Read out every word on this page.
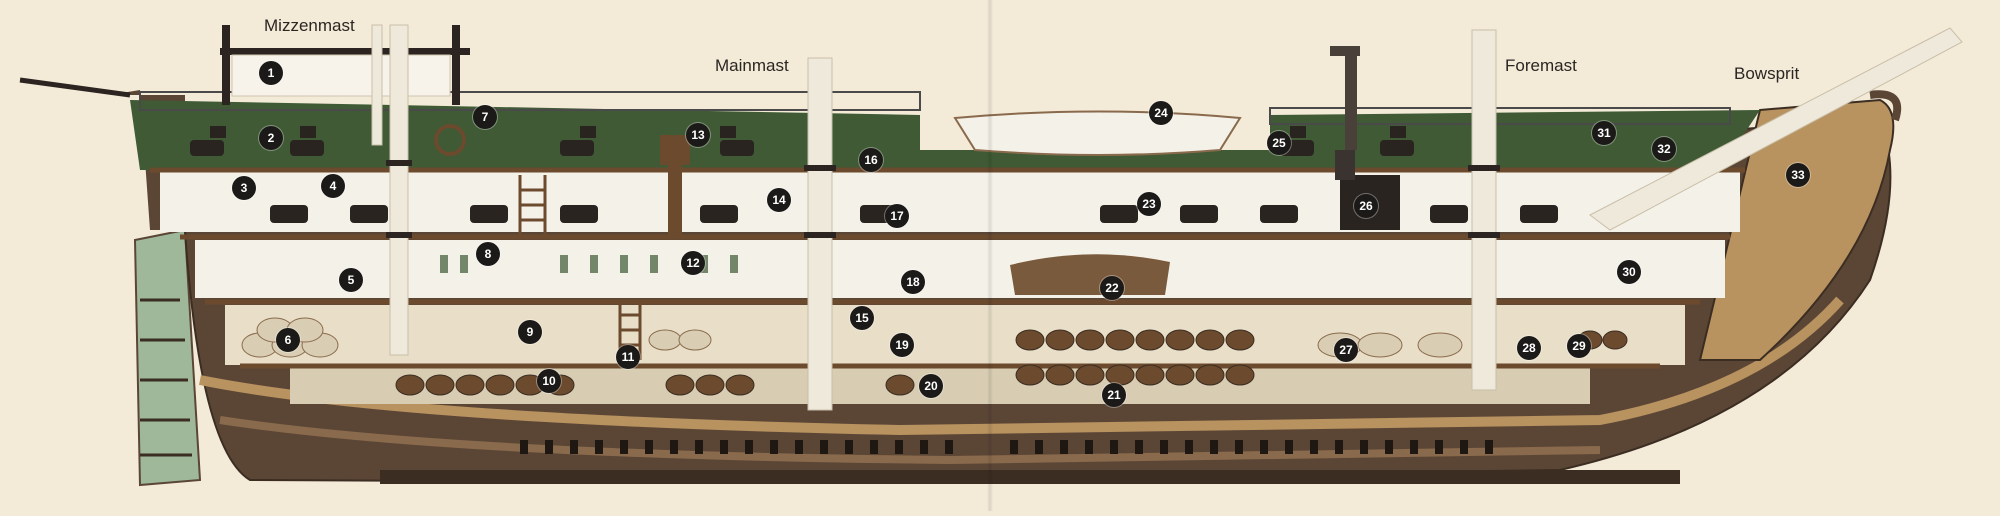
Mizzenmast
Mainmast	Foremast	Bowsprit
1
2
3	4
5
6
7
8
9
10
11
12
13
14
15
16
17
18
19
20
21
22
23
24
25
26
27	28	29
30
31
32
33
